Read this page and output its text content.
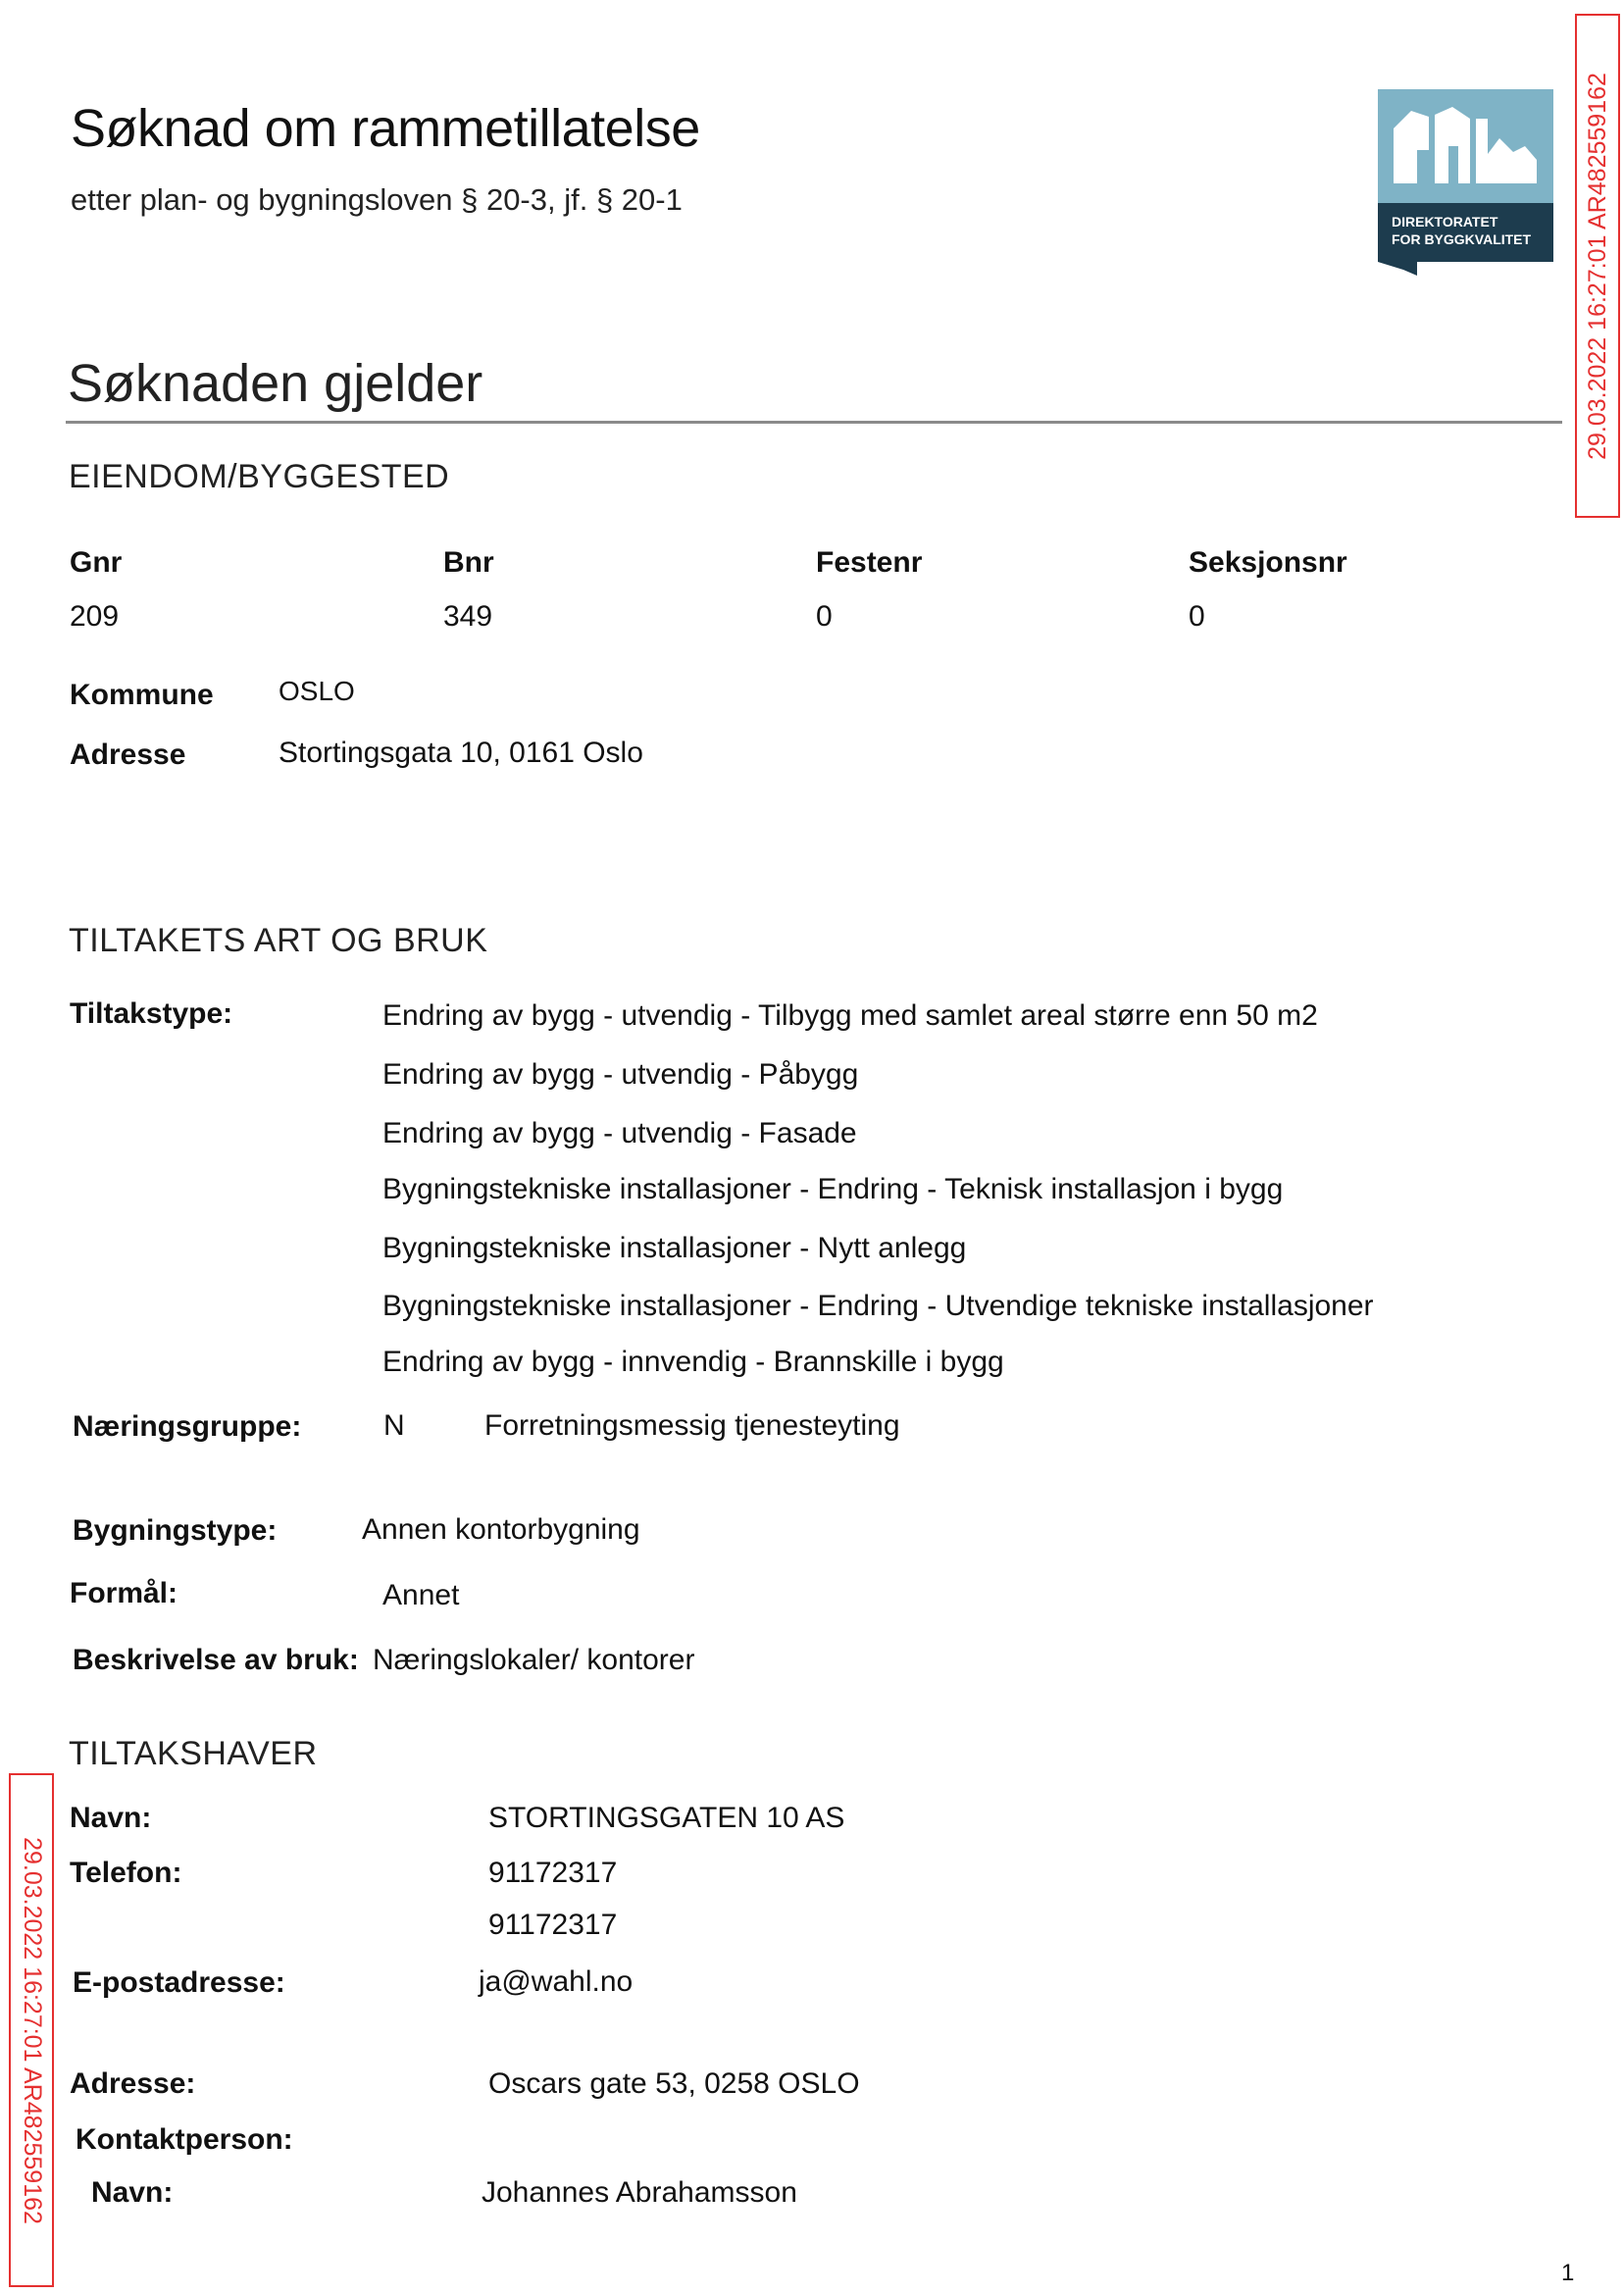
Søknad om rammetillatelse
etter plan- og bygningsloven § 20-3, jf. § 20-1
DIREKTORATET
FOR BYGGKVALITET
Søknaden gjelder
EIENDOM/BYGGESTED
Gnr	Bnr	Festenr	Seksjonsnr
209	349	0	0
Kommune OSLO
Adresse	Stortingsgata 10, 0161 Oslo
TILTAKETS ART OG BRUK
Tiltakstype:	Endring av bygg - utvendig - Tilbygg med samlet areal større enn 50 m2
Endring av bygg - utvendig - Påbygg
Endring av bygg - utvendig - Fasade
Bygningstekniske installasjoner - Endring - Teknisk installasjon i bygg
Bygningstekniske installasjoner - Nytt anlegg
Bygningstekniske installasjoner - Endring - Utvendige tekniske installasjoner
Endring av bygg - innvendig - Brannskille i bygg
Næringsgruppe:	N	Forretningsmessig tjenesteyting
Bygningstype:	Annen kontorbygning
Formål:	Annet
Beskrivelse av bruk: Næringslokaler/ kontorer
TILTAKSHAVER
Navn:	STORTINGSGATEN 10 AS
Telefon:	91172317
91172317
E-postadresse:	ja@wahl.no
Adresse:	Oscars gate 53, 0258 OSLO
Kontaktperson:
Navn:	Johannes Abrahamsson
29.03.2022 16:27:01 AR482559162
29.03.2022 16:27:01 AR482559162
1
